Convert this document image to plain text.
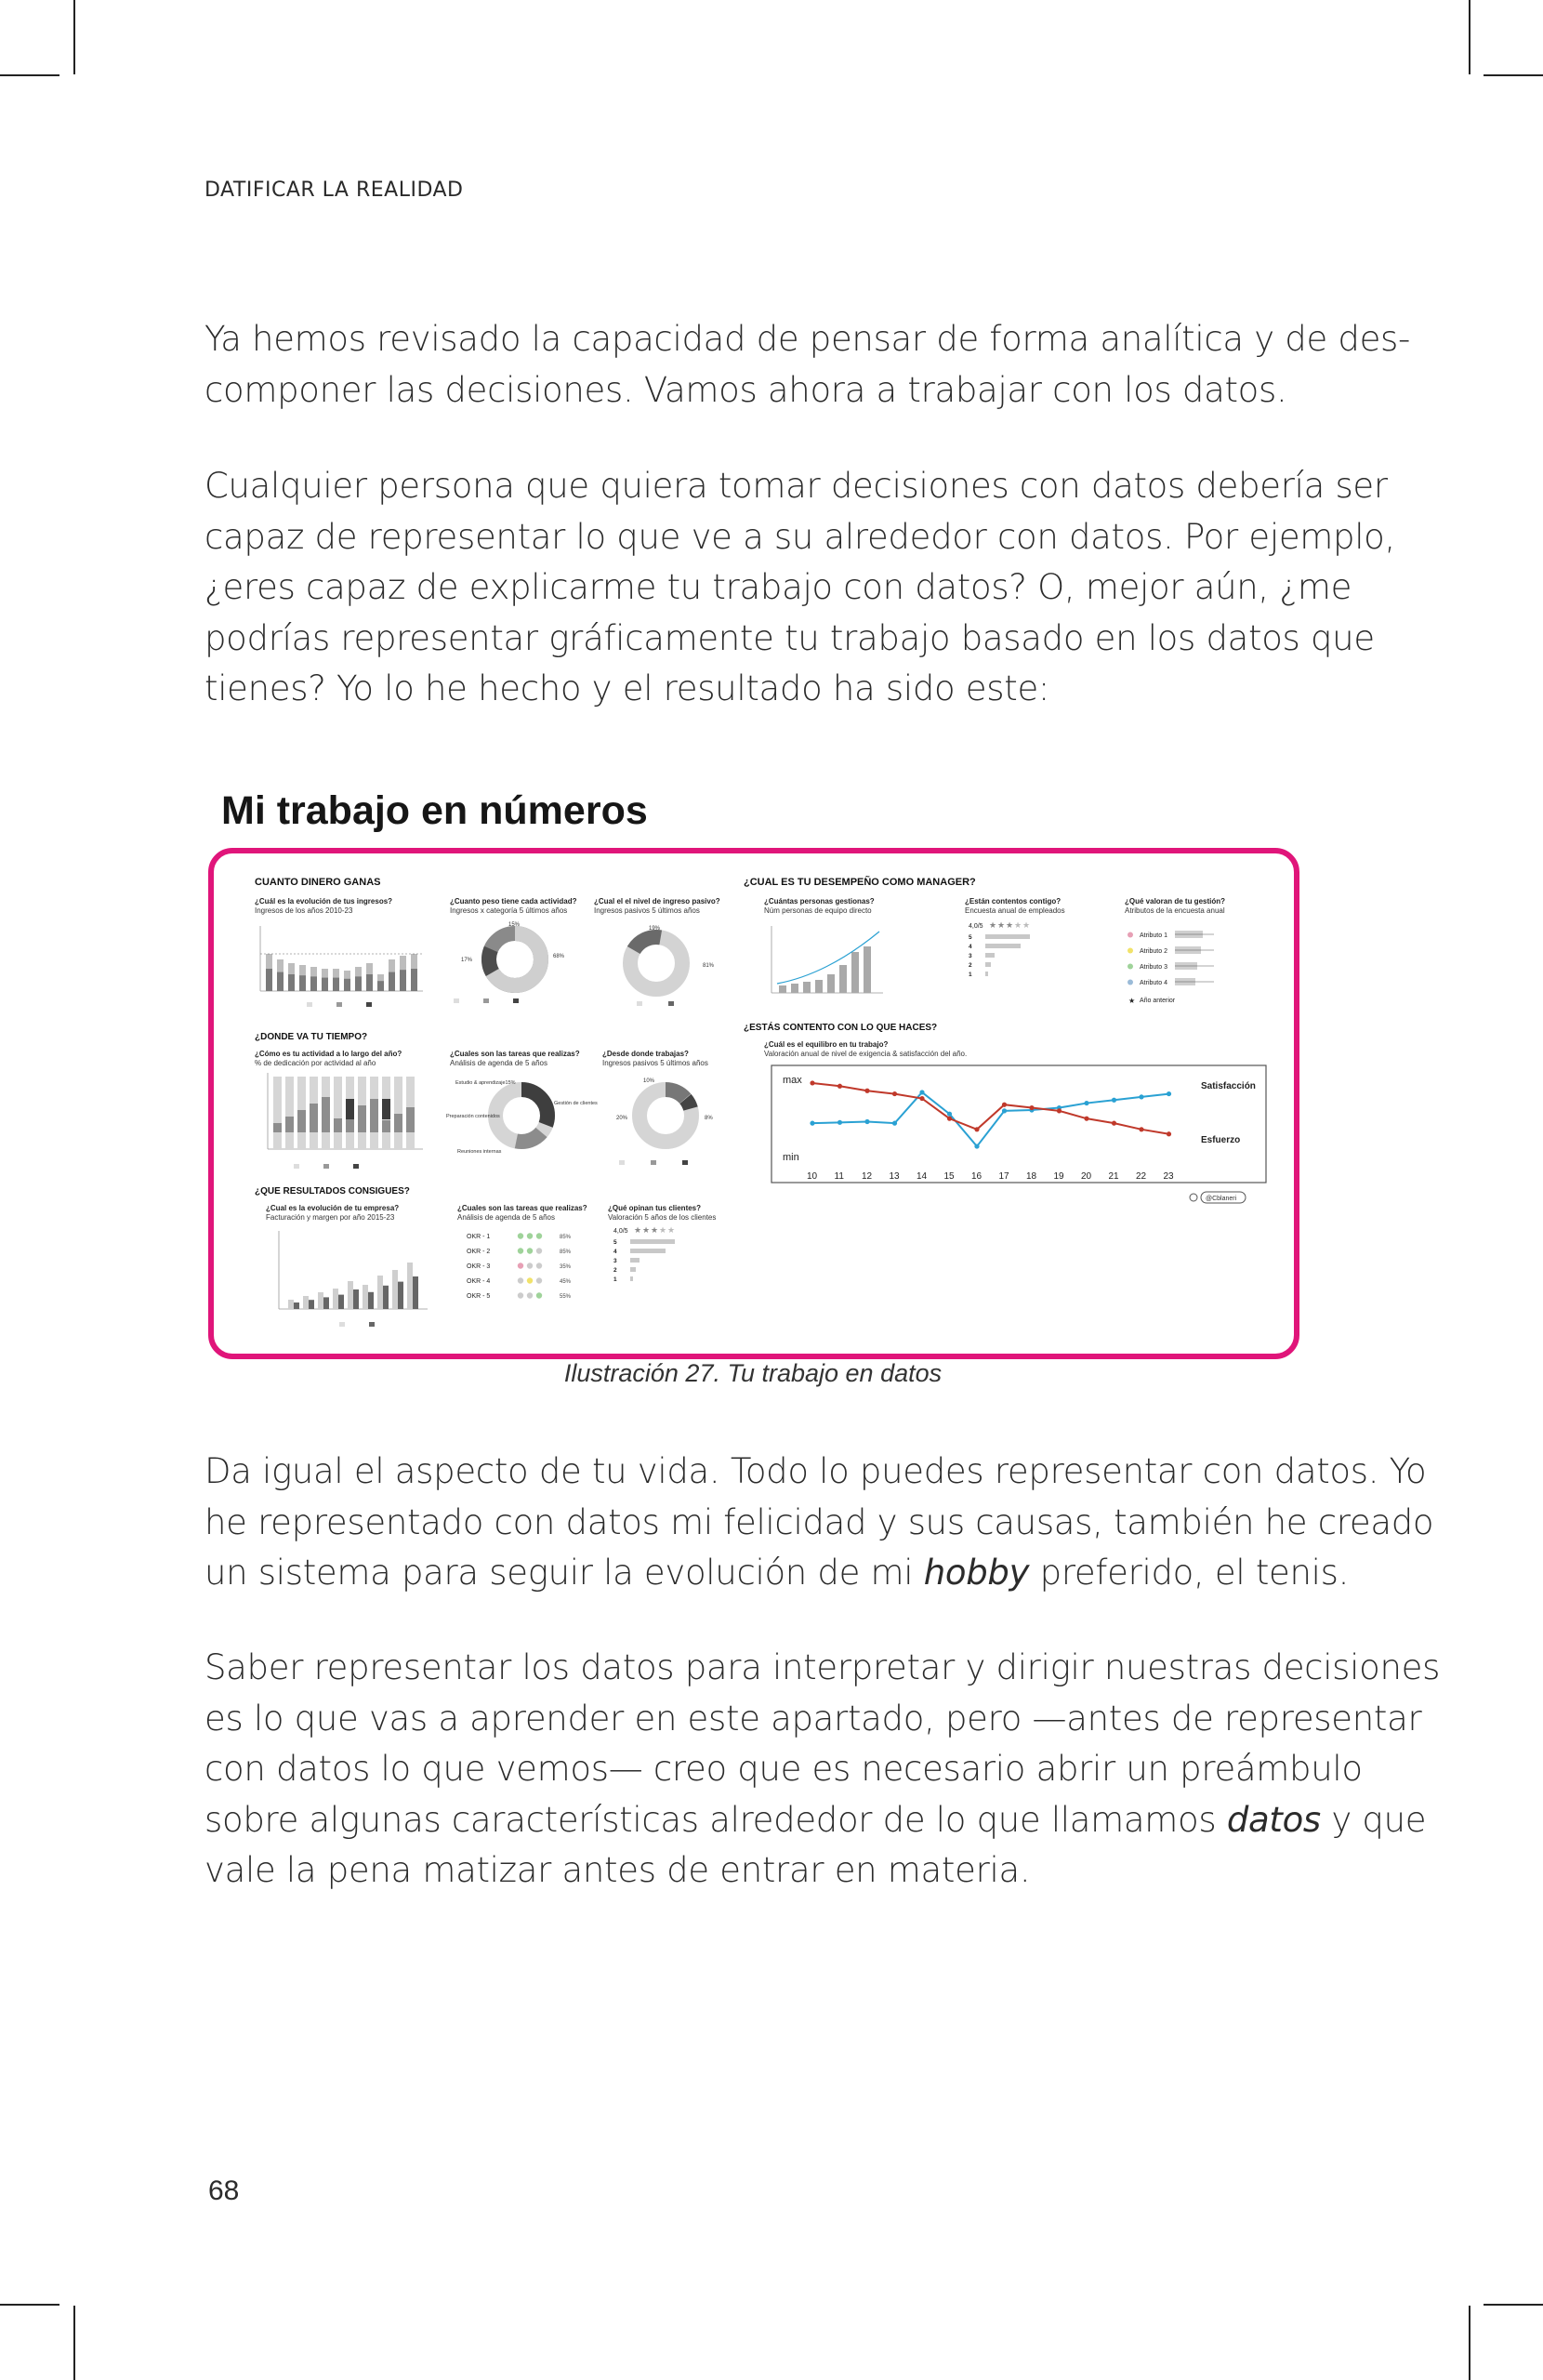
DATIFICAR LA REALIDAD

Ya hemos revisado la capacidad de pensar de forma analítica y de des-
componer las decisiones. Vamos ahora a trabajar con los datos.

Cualquier persona que quiera tomar decisiones con datos debería ser
capaz de representar lo que ve a su alrededor con datos. Por ejemplo,
¿eres capaz de explicarme tu trabajo con datos? O, mejor aún, ¿me
podrías representar gráficamente tu trabajo basado en los datos que
tienes? Yo lo he hecho y el resultado ha sido este:

Mi trabajo en números
CUANTO DINERO GANAS
¿Cuál es la evolución de tus ingresos?
Ingresos de los años 2010-23
¿Cuanto peso tiene cada actividad?
Ingresos x categoría 5 últimos años
¿Cual el el nivel de ingreso pasivo?
Ingresos pasivos 5 últimos años
15%
17%
68%
19%
81%
¿DONDE VA TU TIEMPO?
¿Cómo es tu actividad a lo largo del año?
% de dedicación por actividad al año
¿Cuales son las tareas que realizas?
Análisis de agenda de 5 años
¿Desde donde trabajas?
Ingresos pasivos 5 últimos años
Estudio & aprendizaje15%
Gestión de clientes
Preparación contenidos
Reuniones internas
10%
20%	8%
¿QUE RESULTADOS CONSIGUES?
¿Cual es la evolución de tu empresa?
Facturación y margen por año 2015-23
¿Cuales son las tareas que realizas?
Análisis de agenda de 5 años
¿Qué opinan tus clientes?
Valoración 5 años de los clientes
OKR - 1	85%
OKR - 2	85%
OKR - 3	35%
OKR - 4	45%
OKR - 5	55%
4,0/5 ★ ★ ★ ★ ★
5
4
3
2
1
¿CUAL ES TU DESEMPEÑO COMO MANAGER?
¿Cuántas personas gestionas?
Núm personas de equipo directo
¿Están contentos contigo?
Encuesta anual de empleados
¿Qué valoran de tu gestión?
Atributos de la encuesta anual
4,0/5 ★ ★ ★ ★ ★
5
4
3
2
1
Atributo 1
Atributo 2
Atributo 3
Atributo 4
★ Año anterior
¿ESTÁS CONTENTO CON LO QUE HACES?
¿Cuál es el equilibro en tu trabajo?
Valoración anual de nivel de exigencia & satisfacción del año.
max
min
10 11 12 13 14 15 16 17 18 19 20 21 22 23
Satisfacción
Esfuerzo
@Cblaneri
Ilustración 27. Tu trabajo en datos

Da igual el aspecto de tu vida. Todo lo puedes representar con datos. Yo
he representado con datos mi felicidad y sus causas, también he creado
un sistema para seguir la evolución de mi hobby preferido, el tenis.

Saber representar los datos para interpretar y dirigir nuestras decisiones
es lo que vas a aprender en este apartado, pero —antes de representar
con datos lo que vemos— creo que es necesario abrir un preámbulo
sobre algunas características alrededor de lo que llamamos datos y que
vale la pena matizar antes de entrar en materia.

68
